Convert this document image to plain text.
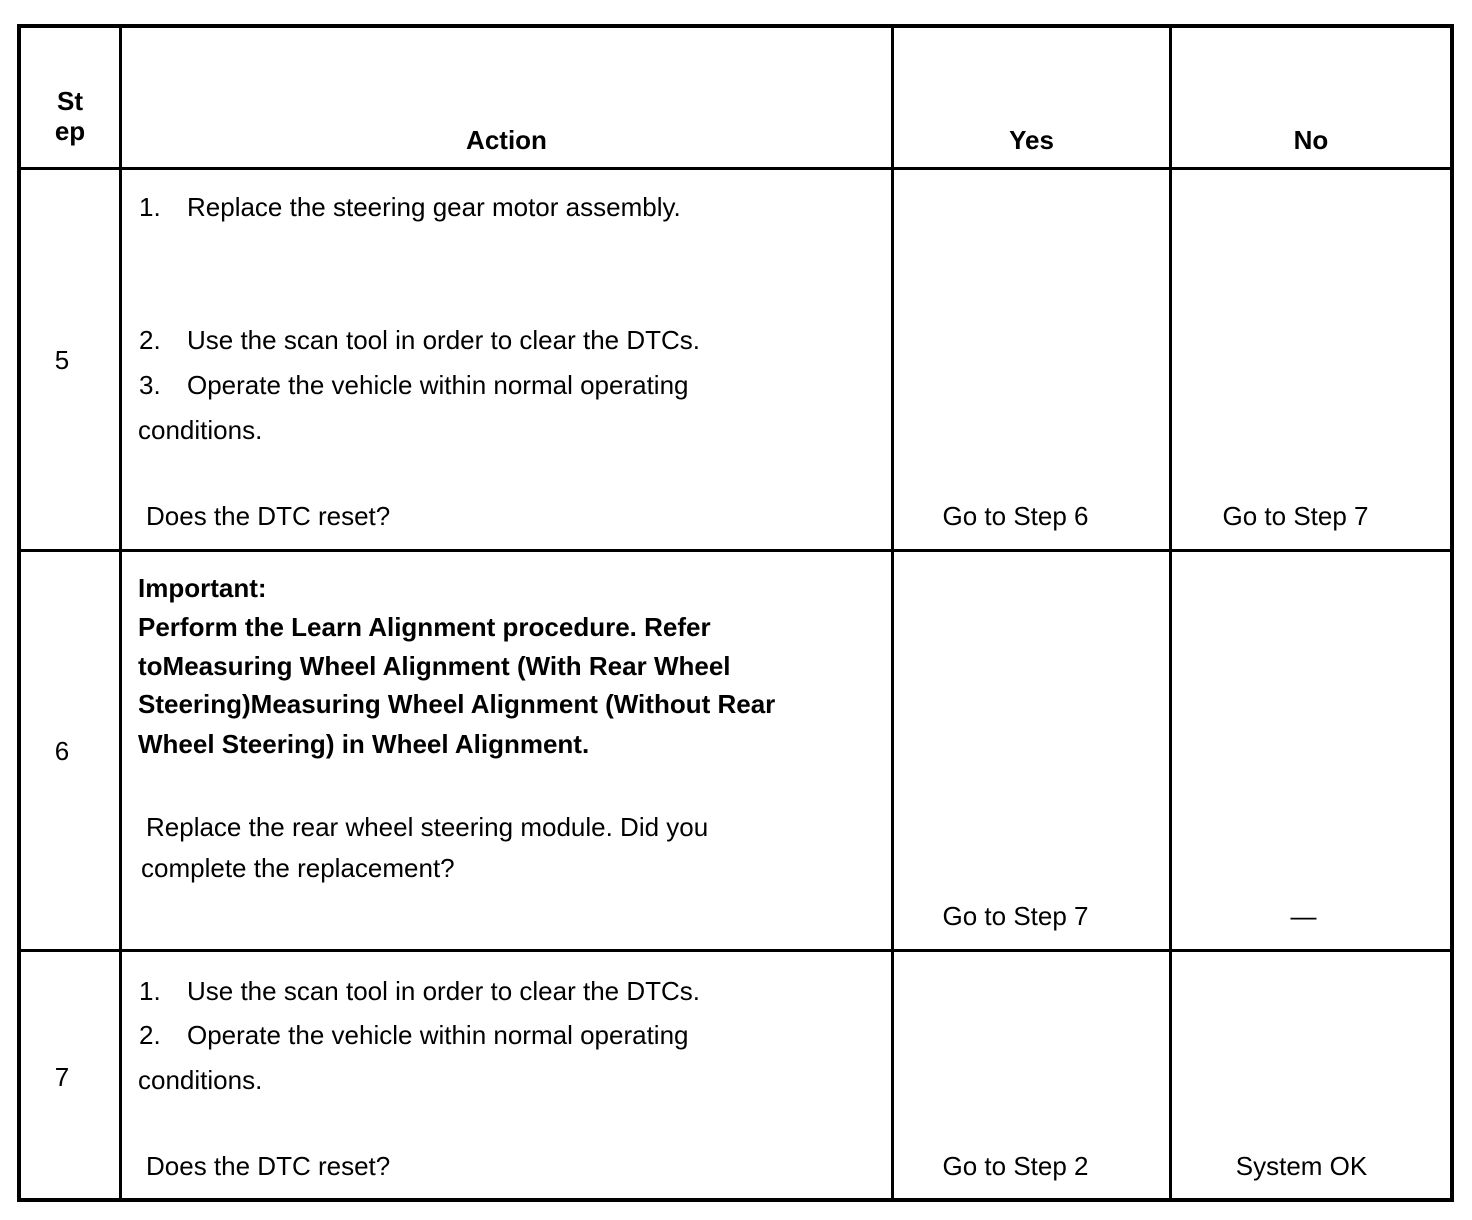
St
ep	Action	Yes	No
5
1. Replace the steering gear motor assembly.
2. Use the scan tool in order to clear the DTCs.
3. Operate the vehicle within normal operating
conditions.
Does the DTC reset?	Go to Step 6	Go to Step 7
6
Important:
Perform the Learn Alignment procedure. Refer
toMeasuring Wheel Alignment (With Rear Wheel
Steering)Measuring Wheel Alignment (Without Rear
Wheel Steering) in Wheel Alignment.
Replace the rear wheel steering module. Did you
complete the replacement?
Go to Step 7	—
7
1. Use the scan tool in order to clear the DTCs.
2. Operate the vehicle within normal operating
conditions.
Does the DTC reset?	Go to Step 2	System OK
